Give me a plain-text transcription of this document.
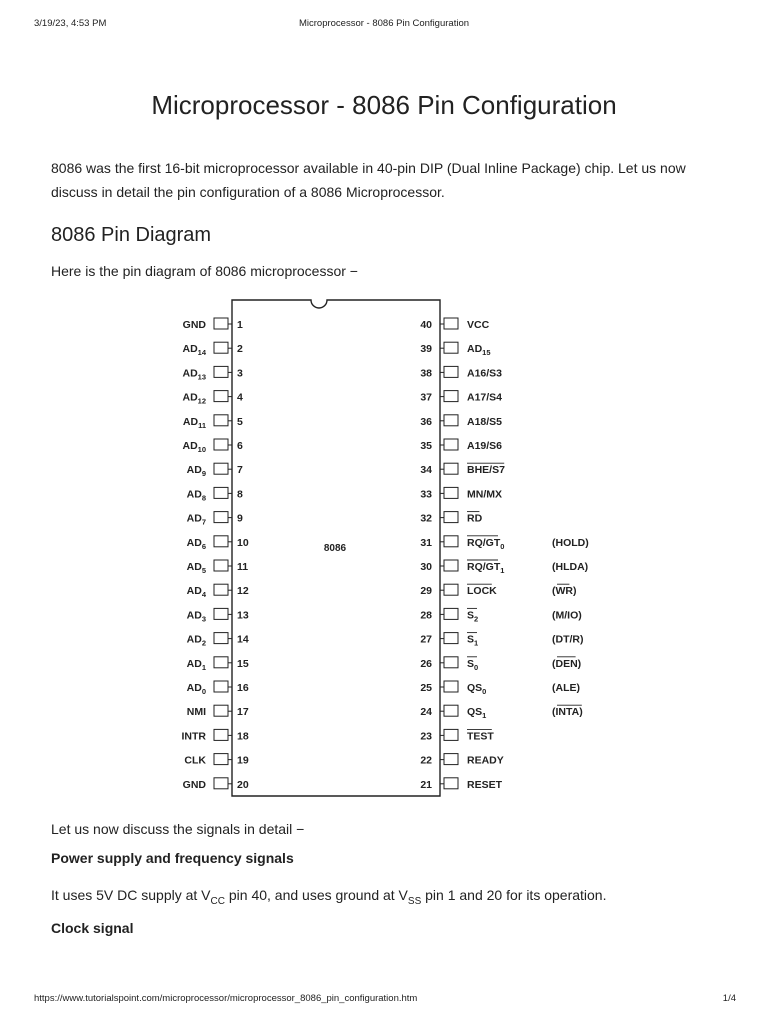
3/19/23, 4:53 PM	Microprocessor - 8086 Pin Configuration
Microprocessor - 8086 Pin Configuration

8086 was the first 16-bit microprocessor available in 40-pin DIP (Dual Inline Package) chip. Let us now discuss in detail the pin configuration of a 8086 Microprocessor.

8086 Pin Diagram

Here is the pin diagram of 8086 microprocessor −

8086
GND	1
$AD_{14}$	2
$AD_{13}$	3
$AD_{12}$	4
$AD_{11}$	5
$AD_{10}$	6
$AD_9$	7
$AD_8$	8
$AD_7$	9
$AD_6$	10
$AD_5$	11
$AD_4$	12
$AD_3$	13
$AD_2$	14
$AD_1$	15
$AD_0$	16
NMI	17
INTR	18
CLK	19
GND	20
40	VCC
39	$AD_{15}$
38	A16/S3
37	A17/S4
36	A18/S5
35	A19/S6
34	BHE/S7
33	MN/MX
32	RD
31	$RQ/GT_0$	(HOLD)
30	$RQ/GT_1$	(HLDA)
29	LOCK	(WR)
28	$S_2$	(M/IO)
27	$S_1$	(DT/R)
26	$S_0$	(DEN)
25	$QS_0$	(ALE)
24	$QS_1$	(INTA)
23	TEST
22	READY
21	RESET

Let us now discuss the signals in detail −

Power supply and frequency signals

It uses 5V DC supply at $V_{CC}$ pin 40, and uses ground at $V_{SS}$ pin 1 and 20 for its operation.

Clock signal
https://www.tutorialspoint.com/microprocessor/microprocessor_8086_pin_configuration.htm	1/4
